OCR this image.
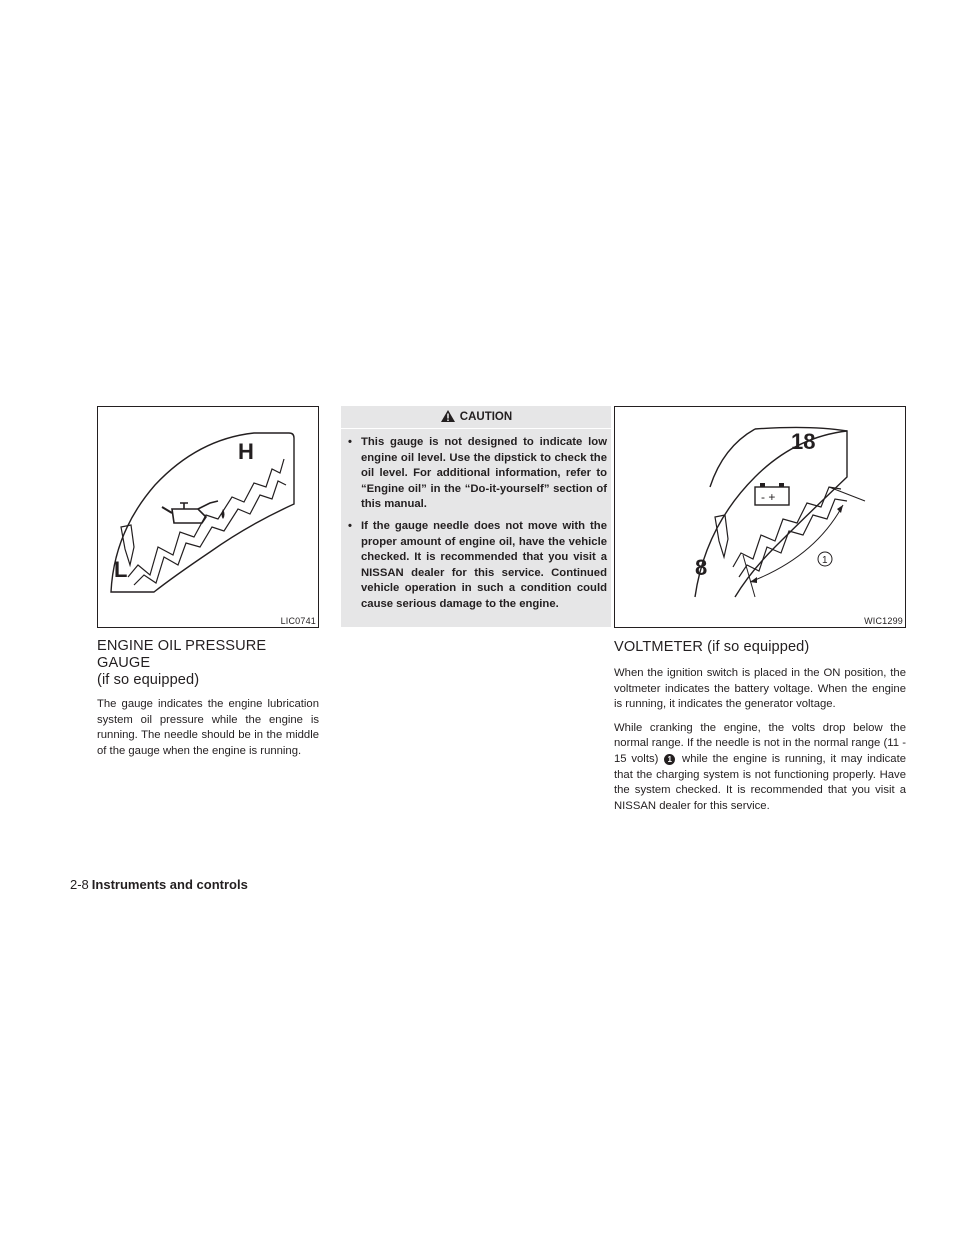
H
L
LIC0741
ENGINE OIL PRESSURE GAUGE
(if so equipped)

The gauge indicates the engine lubrication system oil pressure while the engine is running. The needle should be in the middle of the gauge when the engine is running.

CAUTION
• This gauge is not designed to indicate low engine oil level. Use the dipstick to check the oil level. For additional information, refer to “Engine oil” in the “Do-it-yourself” section of this manual.
• If the gauge needle does not move with the proper amount of engine oil, have the vehicle checked. It is recommended that you visit a NISSAN dealer for this service. Continued vehicle operation in such a condition could cause serious damage to the engine.
- +
1
18
8
WIC1299
VOLTMETER (if so equipped)

When the ignition switch is placed in the ON position, the voltmeter indicates the battery voltage. When the engine is running, it indicates the generator voltage.

While cranking the engine, the volts drop below the normal range. If the needle is not in the normal range (11 - 15 volts) 1 while the engine is running, it may indicate that the charging system is not functioning properly. Have the system checked. It is recommended that you visit a NISSAN dealer for this service.

2-8 Instruments and controls
